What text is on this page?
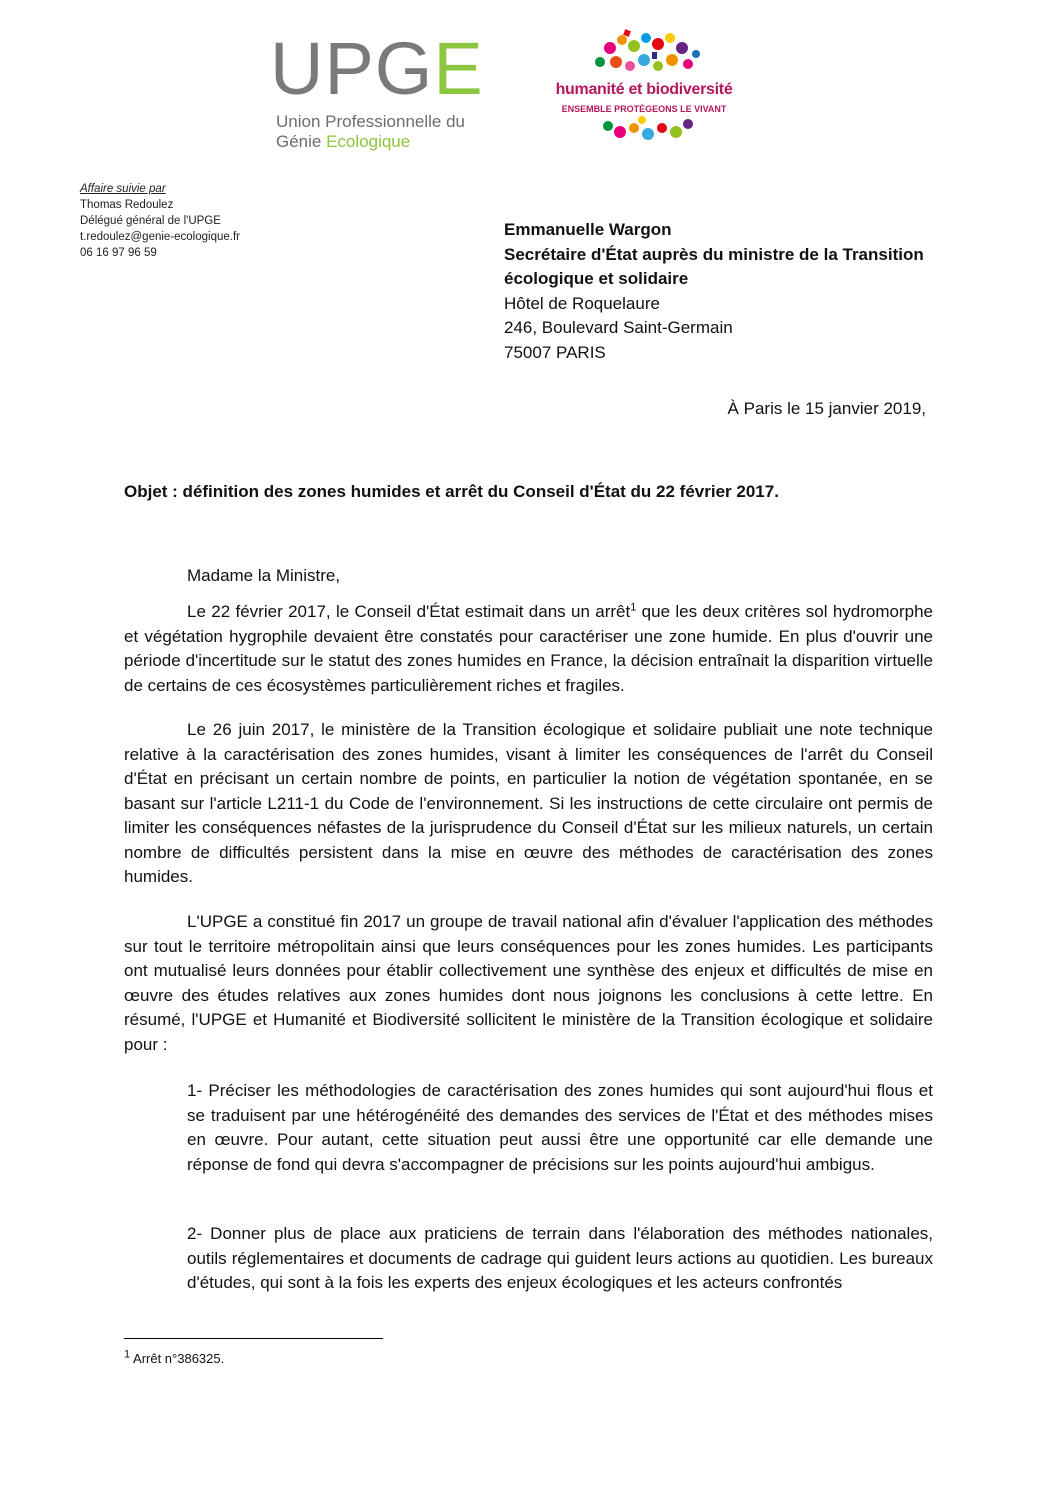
UPGE
Union Professionnelle du
Génie Ecologique
humanité et biodiversité
ENSEMBLE PROTÉGEONS LE VIVANT
Affaire suivie par
Thomas Redoulez
Délégué général de l'UPGE
t.redoulez@genie-ecologique.fr
06 16 97 96 59
Emmanuelle Wargon
Secrétaire d'État auprès du ministre de la Transition
écologique et solidaire
Hôtel de Roquelaure
246, Boulevard Saint-Germain
75007 PARIS
À Paris le 15 janvier 2019,
Objet : définition des zones humides et arrêt du Conseil d'État du 22 février 2017.
Madame la Ministre,

Le 22 février 2017, le Conseil d'État estimait dans un arrêt$^1$ que les deux critères sol hydromorphe et végétation hygrophile devaient être constatés pour caractériser une zone humide. En plus d'ouvrir une période d'incertitude sur le statut des zones humides en France, la décision entraînait la disparition virtuelle de certains de ces écosystèmes particulièrement riches et fragiles.

Le 26 juin 2017, le ministère de la Transition écologique et solidaire publiait une note technique relative à la caractérisation des zones humides, visant à limiter les conséquences de l'arrêt du Conseil d'État en précisant un certain nombre de points, en particulier la notion de végétation spontanée, en se basant sur l'article L211-1 du Code de l'environnement. Si les instructions de cette circulaire ont permis de limiter les conséquences néfastes de la jurisprudence du Conseil d'État sur les milieux naturels, un certain nombre de difficultés persistent dans la mise en œuvre des méthodes de caractérisation des zones humides.

L'UPGE a constitué fin 2017 un groupe de travail national afin d'évaluer l'application des méthodes sur tout le territoire métropolitain ainsi que leurs conséquences pour les zones humides. Les participants ont mutualisé leurs données pour établir collectivement une synthèse des enjeux et difficultés de mise en œuvre des études relatives aux zones humides dont nous joignons les conclusions à cette lettre. En résumé, l'UPGE et Humanité et Biodiversité sollicitent le ministère de la Transition écologique et solidaire pour :

1- Préciser les méthodologies de caractérisation des zones humides qui sont aujourd'hui flous et se traduisent par une hétérogénéité des demandes des services de l'État et des méthodes mises en œuvre. Pour autant, cette situation peut aussi être une opportunité car elle demande une réponse de fond qui devra s'accompagner de précisions sur les points aujourd'hui ambigus.
2- Donner plus de place aux praticiens de terrain dans l'élaboration des méthodes nationales, outils réglementaires et documents de cadrage qui guident leurs actions au quotidien. Les bureaux d'études, qui sont à la fois les experts des enjeux écologiques et les acteurs confrontés
$^1$ Arrêt n°386325.
